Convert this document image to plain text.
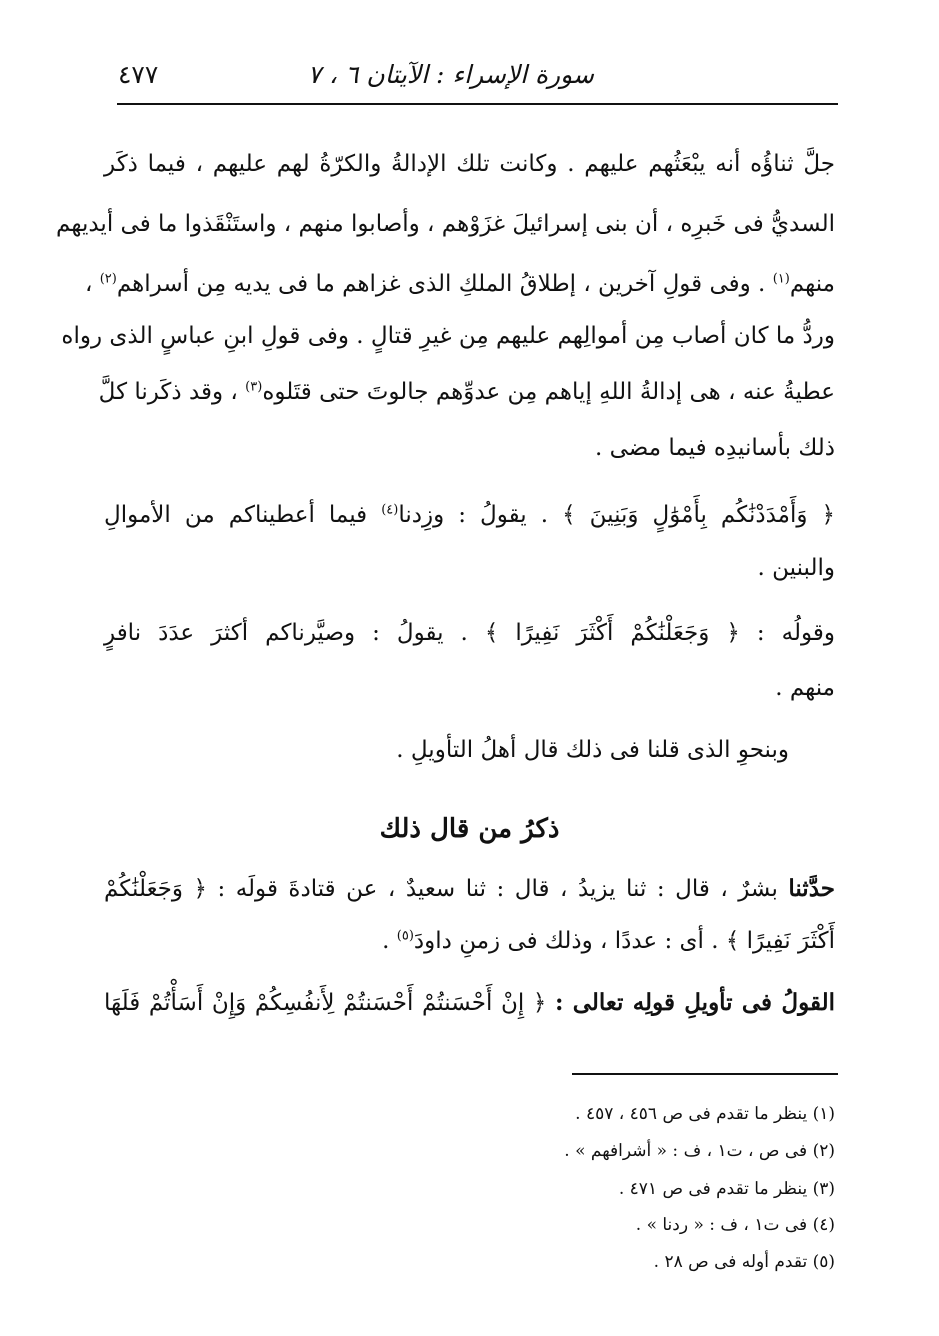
سورة الإسراء : الآيتان ٦ ، ٧
٤٧٧
جلَّ ثناؤُه أنه يبْعَثُهم عليهم . وكانت تلك الإدالةُ والكرّةُ لهم عليهم ، فيما ذكَر
السديُّ فى خَبرِه ، أن بنى إسرائيلَ غزَوْهم ، وأصابوا منهم ، واستَنْقَذوا ما فى أيديهم
منهم$^{(١)}$ . وفى قولِ آخرين ، إطلاقُ الملكِ الذى غزاهم ما فى يديه مِن أسراهم$^{(٢)}$ ،
وردُّ ما كان أصاب مِن أموالِهم عليهم مِن غيرِ قتالٍ . وفى قولِ ابنِ عباسٍ الذى رواه
عطيةُ عنه ، هى إدالةُ اللهِ إياهم مِن عدوِّهم جالوتَ حتى قتَلوه$^{(٣)}$ ، وقد ذكَرنا كلَّ
ذلك بأسانيدِه فيما مضى .
﴿ وَأَمْدَدْنَٰكُم بِأَمْوَٰلٍ وَبَنِينَ ﴾ . يقولُ : وزِدنا$^{(٤)}$ فيما أعطيناكم من الأموالِ
والبنين .
وقولُه : ﴿ وَجَعَلْنَٰكُمْ أَكْثَرَ نَفِيرًا ﴾ . يقولُ : وصيَّرناكم أكثرَ عدَدَ نافرٍ
منهم .
وبنحوِ الذى قلنا فى ذلك قال أهلُ التأويلِ .
ذكرُ من قال ذلك
حدَّثنا بشرٌ ، قال : ثنا يزيدُ ، قال : ثنا سعيدٌ ، عن قتادةَ قولَه : ﴿ وَجَعَلْنَٰكُمْ
أَكْثَرَ نَفِيرًا ﴾ . أى : عددًا ، وذلك فى زمنِ داودَ$^{(٥)}$ .
القولُ فى تأويلِ قولِه تعالى : ﴿ إِنْ أَحْسَنتُمْ أَحْسَنتُمْ لِأَنفُسِكُمْ وَإِنْ أَسَأْتُمْ فَلَهَا
(١) ينظر ما تقدم فى ص ٤٥٦ ، ٤٥٧ .
(٢) فى ص ، ت١ ، ف : « أشرافهم » .
(٣) ينظر ما تقدم فى ص ٤٧١ .
(٤) فى ت١ ، ف : « ردنا » .
(٥) تقدم أوله فى ص ٢٨ .
